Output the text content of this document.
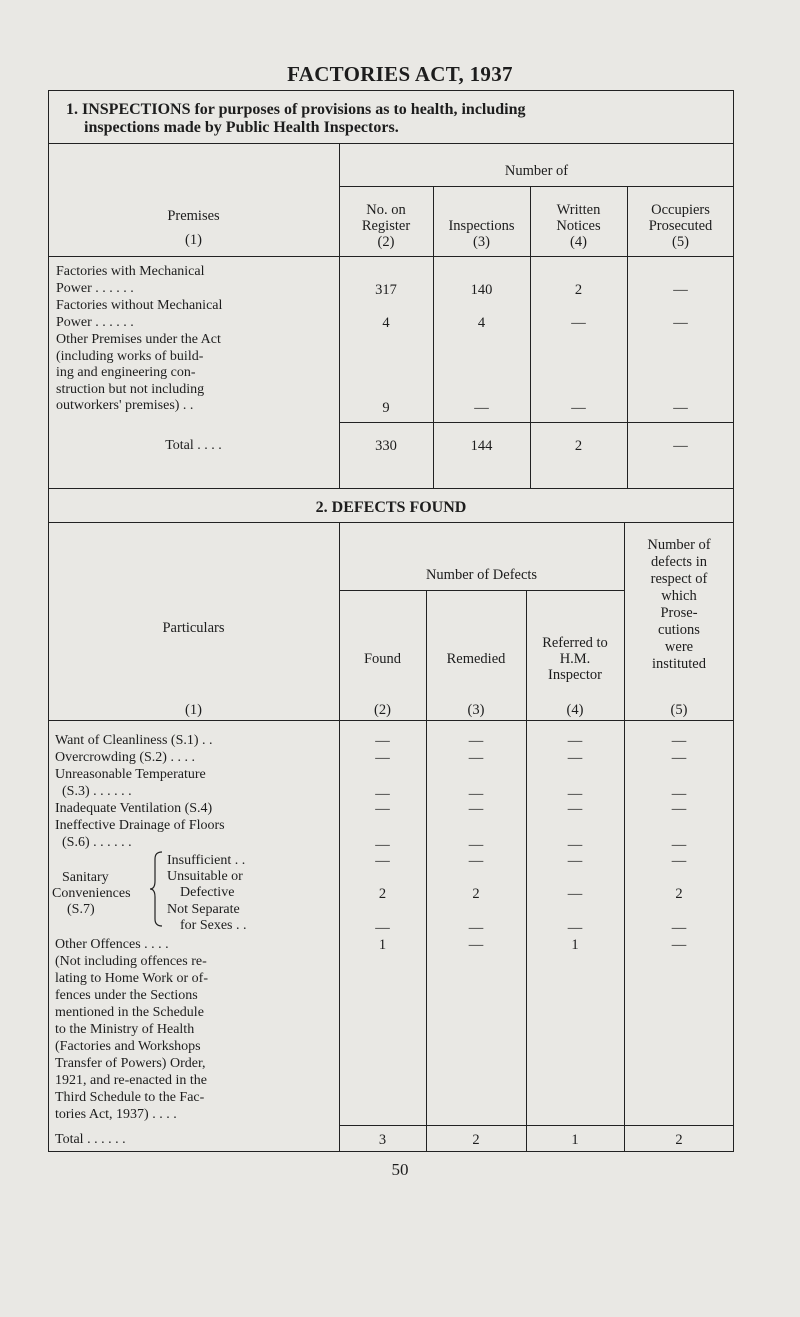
FACTORIES ACT, 1937
1. INSPECTIONS for purposes of provisions as to health, including
inspections made by Public Health Inspectors.
Number of
Premises
(1)
No. on
Register
(2)
Inspections
(3)
Written
Notices
(4)
Occupiers
Prosecuted
(5)
Factories with Mechanical
Power . . . . . .	317	140	2	—
Factories without Mechanical
Power . . . . . .	4	4	—	—
Other Premises under the Act
(including works of build-
ing and engineering con-
struction but not including
outworkers' premises) . .	9	—	—	—
Total . . . .	330	144	2	—
2. DEFECTS FOUND
Number of Defects
Particulars
(1)
Found
(2)
Remedied
(3)
Referred to
H.M.
Inspector
(4)
Number of
defects in
respect of
which
Prose-
cutions
were
instituted
(5)
Want of Cleanliness (S.1) . .	—	—	—	—
Overcrowding (S.2) . . . .	—	—	—	—
Unreasonable Temperature
(S.3) . . . . . .	—	—	—	—
Inadequate Ventilation (S.4)	—	—	—	—
Ineffective Drainage of Floors
(S.6) . . . . . .	—	—	—	—
Sanitary
Conveniences
(S.7)
Insufficient . .	—	—	—	—
Unsuitable or
Defective	2	2	—	2
Not Separate
for Sexes . .	—	—	—	—
Other Offences . . . .	1	—	1	—
(Not including offences re-
lating to Home Work or of-
fences under the Sections
mentioned in the Schedule
to the Ministry of Health
(Factories and Workshops
Transfer of Powers) Order,
1921, and re-enacted in the
Third Schedule to the Fac-
tories Act, 1937) . . . .
Total . . . . . .	3	2	1	2
50
